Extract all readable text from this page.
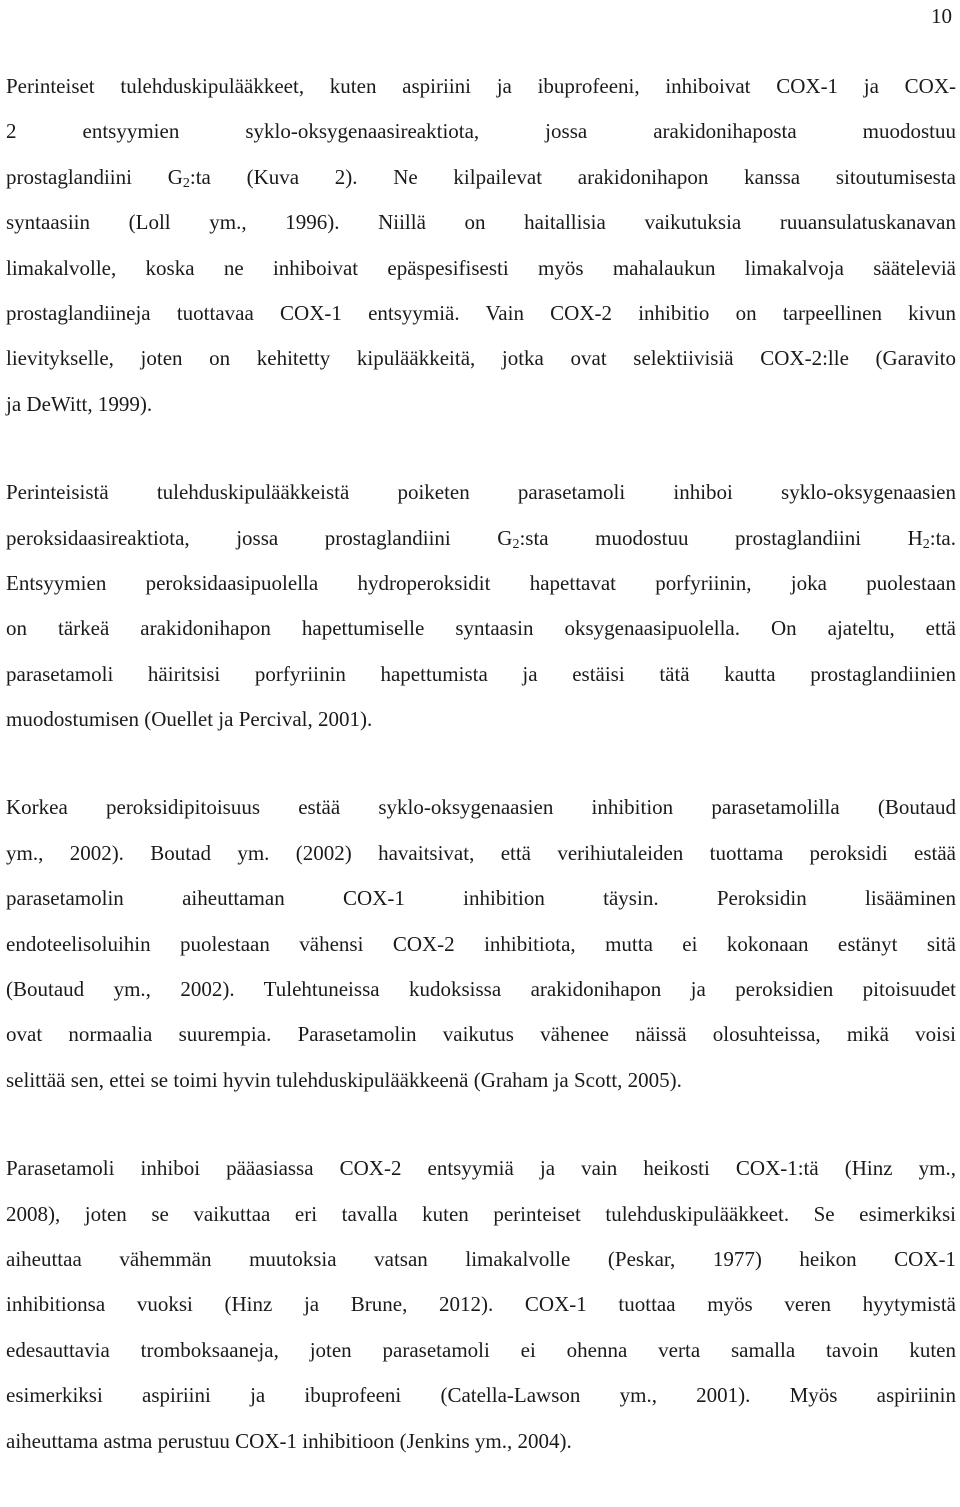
10
Perinteiset tulehduskipulääkkeet, kuten aspiriini ja ibuprofeeni, inhiboivat COX-1 ja COX-
2 entsyymien syklo-oksygenaasireaktiota, jossa arakidonihaposta muodostuu
prostaglandiini $G_2:ta$ (Kuva 2). Ne kilpailevat arakidonihapon kanssa sitoutumisesta
syntaasiin (Loll ym., 1996). Niillä on haitallisia vaikutuksia ruuansulatuskanavan
limakalvolle, koska ne inhiboivat epäspesifisesti myös mahalaukun limakalvoja sääteleviä
prostaglandiineja tuottavaa COX-1 entsyymiä. Vain COX-2 inhibitio on tarpeellinen kivun
lievitykselle, joten on kehitetty kipulääkkeitä, jotka ovat selektiivisiä COX-2:lle (Garavito
ja DeWitt, 1999).
Perinteisistä tulehduskipulääkkeistä poiketen parasetamoli inhiboi syklo-oksygenaasien
peroksidaasireaktiota, jossa prostaglandiini $G_2:sta$ muodostuu prostaglandiini $H_2:ta$.
Entsyymien peroksidaasipuolella hydroperoksidit hapettavat porfyriinin, joka puolestaan
on tärkeä arakidonihapon hapettumiselle syntaasin oksygenaasipuolella. On ajateltu, että
parasetamoli häiritsisi porfyriinin hapettumista ja estäisi tätä kautta prostaglandiinien
muodostumisen (Ouellet ja Percival, 2001).
Korkea peroksidipitoisuus estää syklo-oksygenaasien inhibition parasetamolilla (Boutaud
ym., 2002). Boutad ym. (2002) havaitsivat, että verihiutaleiden tuottama peroksidi estää
parasetamolin aiheuttaman COX-1 inhibition täysin. Peroksidin lisääminen
endoteelisoluihin puolestaan vähensi COX-2 inhibitiota, mutta ei kokonaan estänyt sitä
(Boutaud ym., 2002). Tulehtuneissa kudoksissa arakidonihapon ja peroksidien pitoisuudet
ovat normaalia suurempia. Parasetamolin vaikutus vähenee näissä olosuhteissa, mikä voisi
selittää sen, ettei se toimi hyvin tulehduskipulääkkeenä (Graham ja Scott, 2005).
Parasetamoli inhiboi pääasiassa COX-2 entsyymiä ja vain heikosti COX-1:tä (Hinz ym.,
2008), joten se vaikuttaa eri tavalla kuten perinteiset tulehduskipulääkkeet. Se esimerkiksi
aiheuttaa vähemmän muutoksia vatsan limakalvolle (Peskar, 1977) heikon COX-1
inhibitionsa vuoksi (Hinz ja Brune, 2012). COX-1 tuottaa myös veren hyytymistä
edesauttavia tromboksaaneja, joten parasetamoli ei ohenna verta samalla tavoin kuten
esimerkiksi aspiriini ja ibuprofeeni (Catella-Lawson ym., 2001). Myös aspiriinin
aiheuttama astma perustuu COX-1 inhibitioon (Jenkins ym., 2004).
